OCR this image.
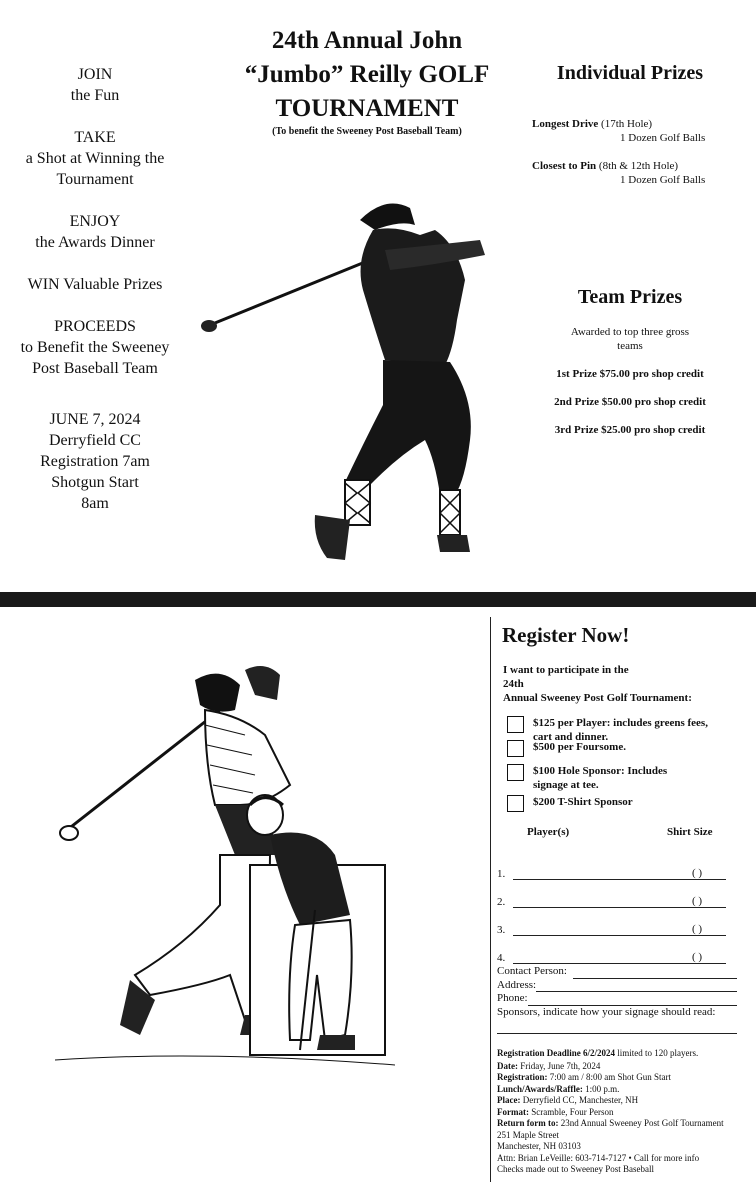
JOIN
the Fun

TAKE
a Shot at Winning the Tournament

ENJOY
the Awards Dinner

WIN Valuable Prizes

PROCEEDS
to Benefit the Sweeney Post Baseball Team

JUNE 7, 2024
Derryfield CC Registration 7am Shotgun Start 8am

24th Annual John
“Jumbo” Reilly GOLF
TOURNAMENT
(To benefit the Sweeney Post Baseball Team)
Individual Prizes
Longest Drive (17th Hole)
1 Dozen Golf Balls
Closest to Pin (8th & 12th Hole)
1 Dozen Golf Balls
Team Prizes
Awarded to top three gross teams
1st Prize $75.00 pro shop credit
2nd Prize $50.00 pro shop credit
3rd Prize $25.00 pro shop credit
Register Now!
I want to participate in the
24th
Annual Sweeney Post Golf Tournament:
$125 per Player: includes greens fees, cart and dinner.
$500 per Foursome.
$100 Hole Sponsor: Includes signage at tee.
$200 T-Shirt Sponsor
Player(s)	Shirt Size
1.	( )
2.	( )
3.	( )
4.	( )
Contact Person:
Address:
Phone:
Sponsors, indicate how your signage should read:
Registration Deadline 6/2/2024 limited to 120 players.
Date: Friday, June 7th, 2024
Registration: 7:00 am / 8:00 am Shot Gun Start
Lunch/Awards/Raffle: 1:00 p.m.
Place: Derryfield CC, Manchester, NH
Format: Scramble, Four Person
Return form to: 23nd Annual Sweeney Post Golf Tournament
251 Maple Street
Manchester, NH 03103
Attn: Brian LeVeille: 603-714-7127 • Call for more info
Checks made out to Sweeney Post Baseball
